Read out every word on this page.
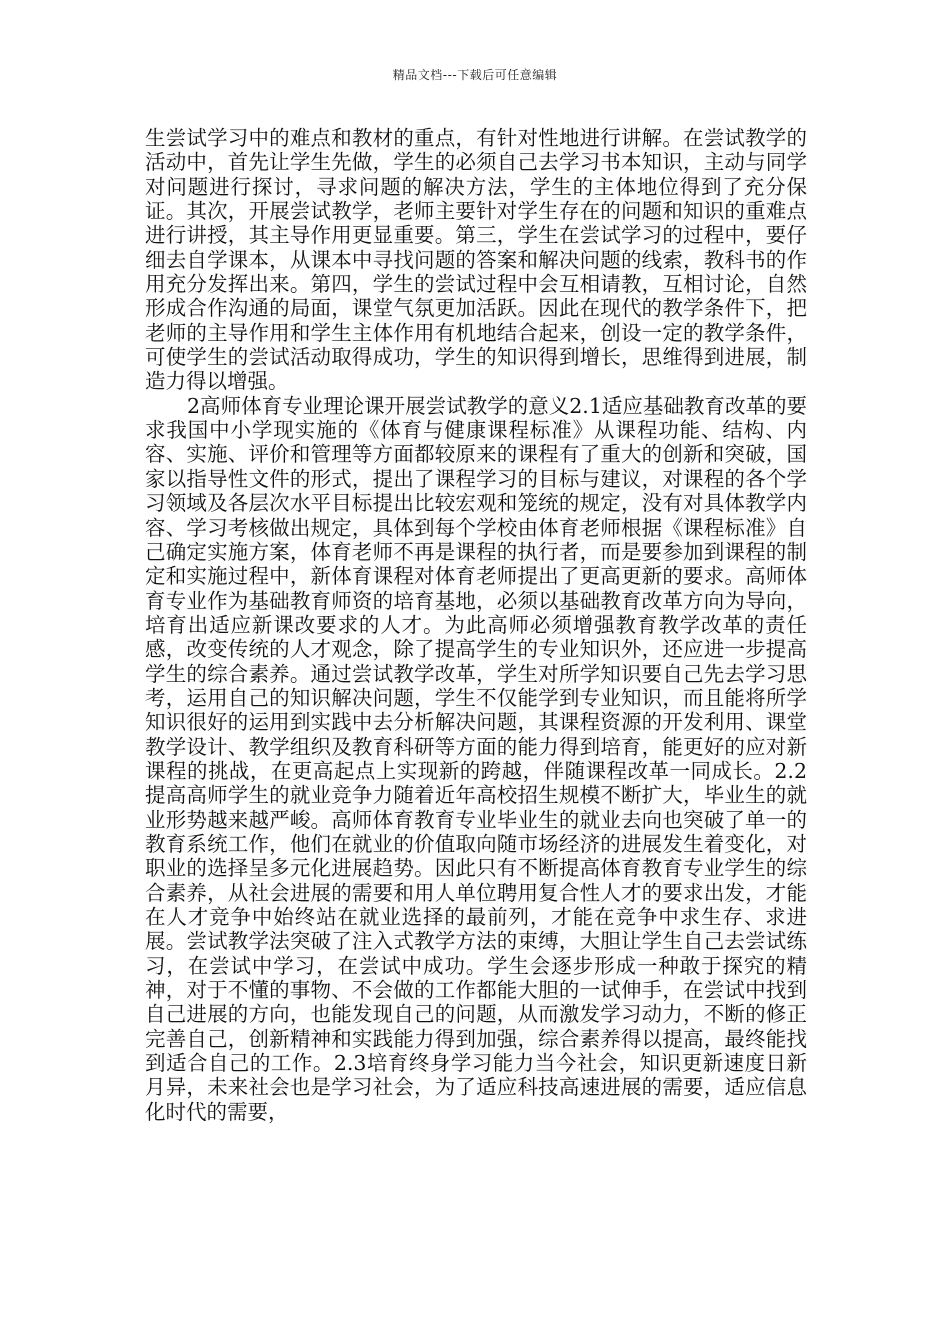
精品文档---下载后可任意编辑

生尝试学习中的难点和教材的重点，有针对性地进行讲解。在尝试教学的活动中，首先让学生先做，学生的必须自己去学习书本知识，主动与同学对问题进行探讨，寻求问题的解决方法，学生的主体地位得到了充分保证。其次，开展尝试教学，老师主要针对学生存在的问题和知识的重难点进行讲授，其主导作用更显重要。第三，学生在尝试学习的过程中，要仔细去自学课本，从课本中寻找问题的答案和解决问题的线索，教科书的作用充分发挥出来。第四，学生的尝试过程中会互相请教，互相讨论，自然形成合作沟通的局面，课堂气氛更加活跃。因此在现代的教学条件下，把老师的主导作用和学生主体作用有机地结合起来，创设一定的教学条件，可使学生的尝试活动取得成功，学生的知识得到增长，思维得到进展，制造力得以增强。

2高师体育专业理论课开展尝试教学的意义2.1适应基础教育改革的要求我国中小学现实施的《体育与健康课程标准》从课程功能、结构、内容、实施、评价和管理等方面都较原来的课程有了重大的创新和突破，国家以指导性文件的形式，提出了课程学习的目标与建议，对课程的各个学习领域及各层次水平目标提出比较宏观和笼统的规定，没有对具体教学内容、学习考核做出规定，具体到每个学校由体育老师根据《课程标准》自己确定实施方案，体育老师不再是课程的执行者，而是要参加到课程的制定和实施过程中，新体育课程对体育老师提出了更高更新的要求。高师体育专业作为基础教育师资的培育基地，必须以基础教育改革方向为导向，培育出适应新课改要求的人才。为此高师必须增强教育教学改革的责任感，改变传统的人才观念，除了提高学生的专业知识外，还应进一步提高学生的综合素养。通过尝试教学改革，学生对所学知识要自己先去学习思考，运用自己的知识解决问题，学生不仅能学到专业知识，而且能将所学知识很好的运用到实践中去分析解决问题，其课程资源的开发利用、课堂教学设计、教学组织及教育科研等方面的能力得到培育，能更好的应对新课程的挑战，在更高起点上实现新的跨越，伴随课程改革一同成长。2.2提高高师学生的就业竞争力随着近年高校招生规模不断扩大，毕业生的就业形势越来越严峻。高师体育教育专业毕业生的就业去向也突破了单一的教育系统工作，他们在就业的价值取向随市场经济的进展发生着变化，对职业的选择呈多元化进展趋势。因此只有不断提高体育教育专业学生的综合素养，从社会进展的需要和用人单位聘用复合性人才的要求出发，才能在人才竞争中始终站在就业选择的最前列，才能在竞争中求生存、求进展。尝试教学法突破了注入式教学方法的束缚，大胆让学生自己去尝试练习，在尝试中学习，在尝试中成功。学生会逐步形成一种敢于探究的精神，对于不懂的事物、不会做的工作都能大胆的一试伸手，在尝试中找到自己进展的方向，也能发现自己的问题，从而激发学习动力，不断的修正完善自己，创新精神和实践能力得到加强，综合素养得以提高，最终能找到适合自己的工作。2.3培育终身学习能力当今社会，知识更新速度日新月异，未来社会也是学习社会，为了适应科技高速进展的需要，适应信息化时代的需要，
